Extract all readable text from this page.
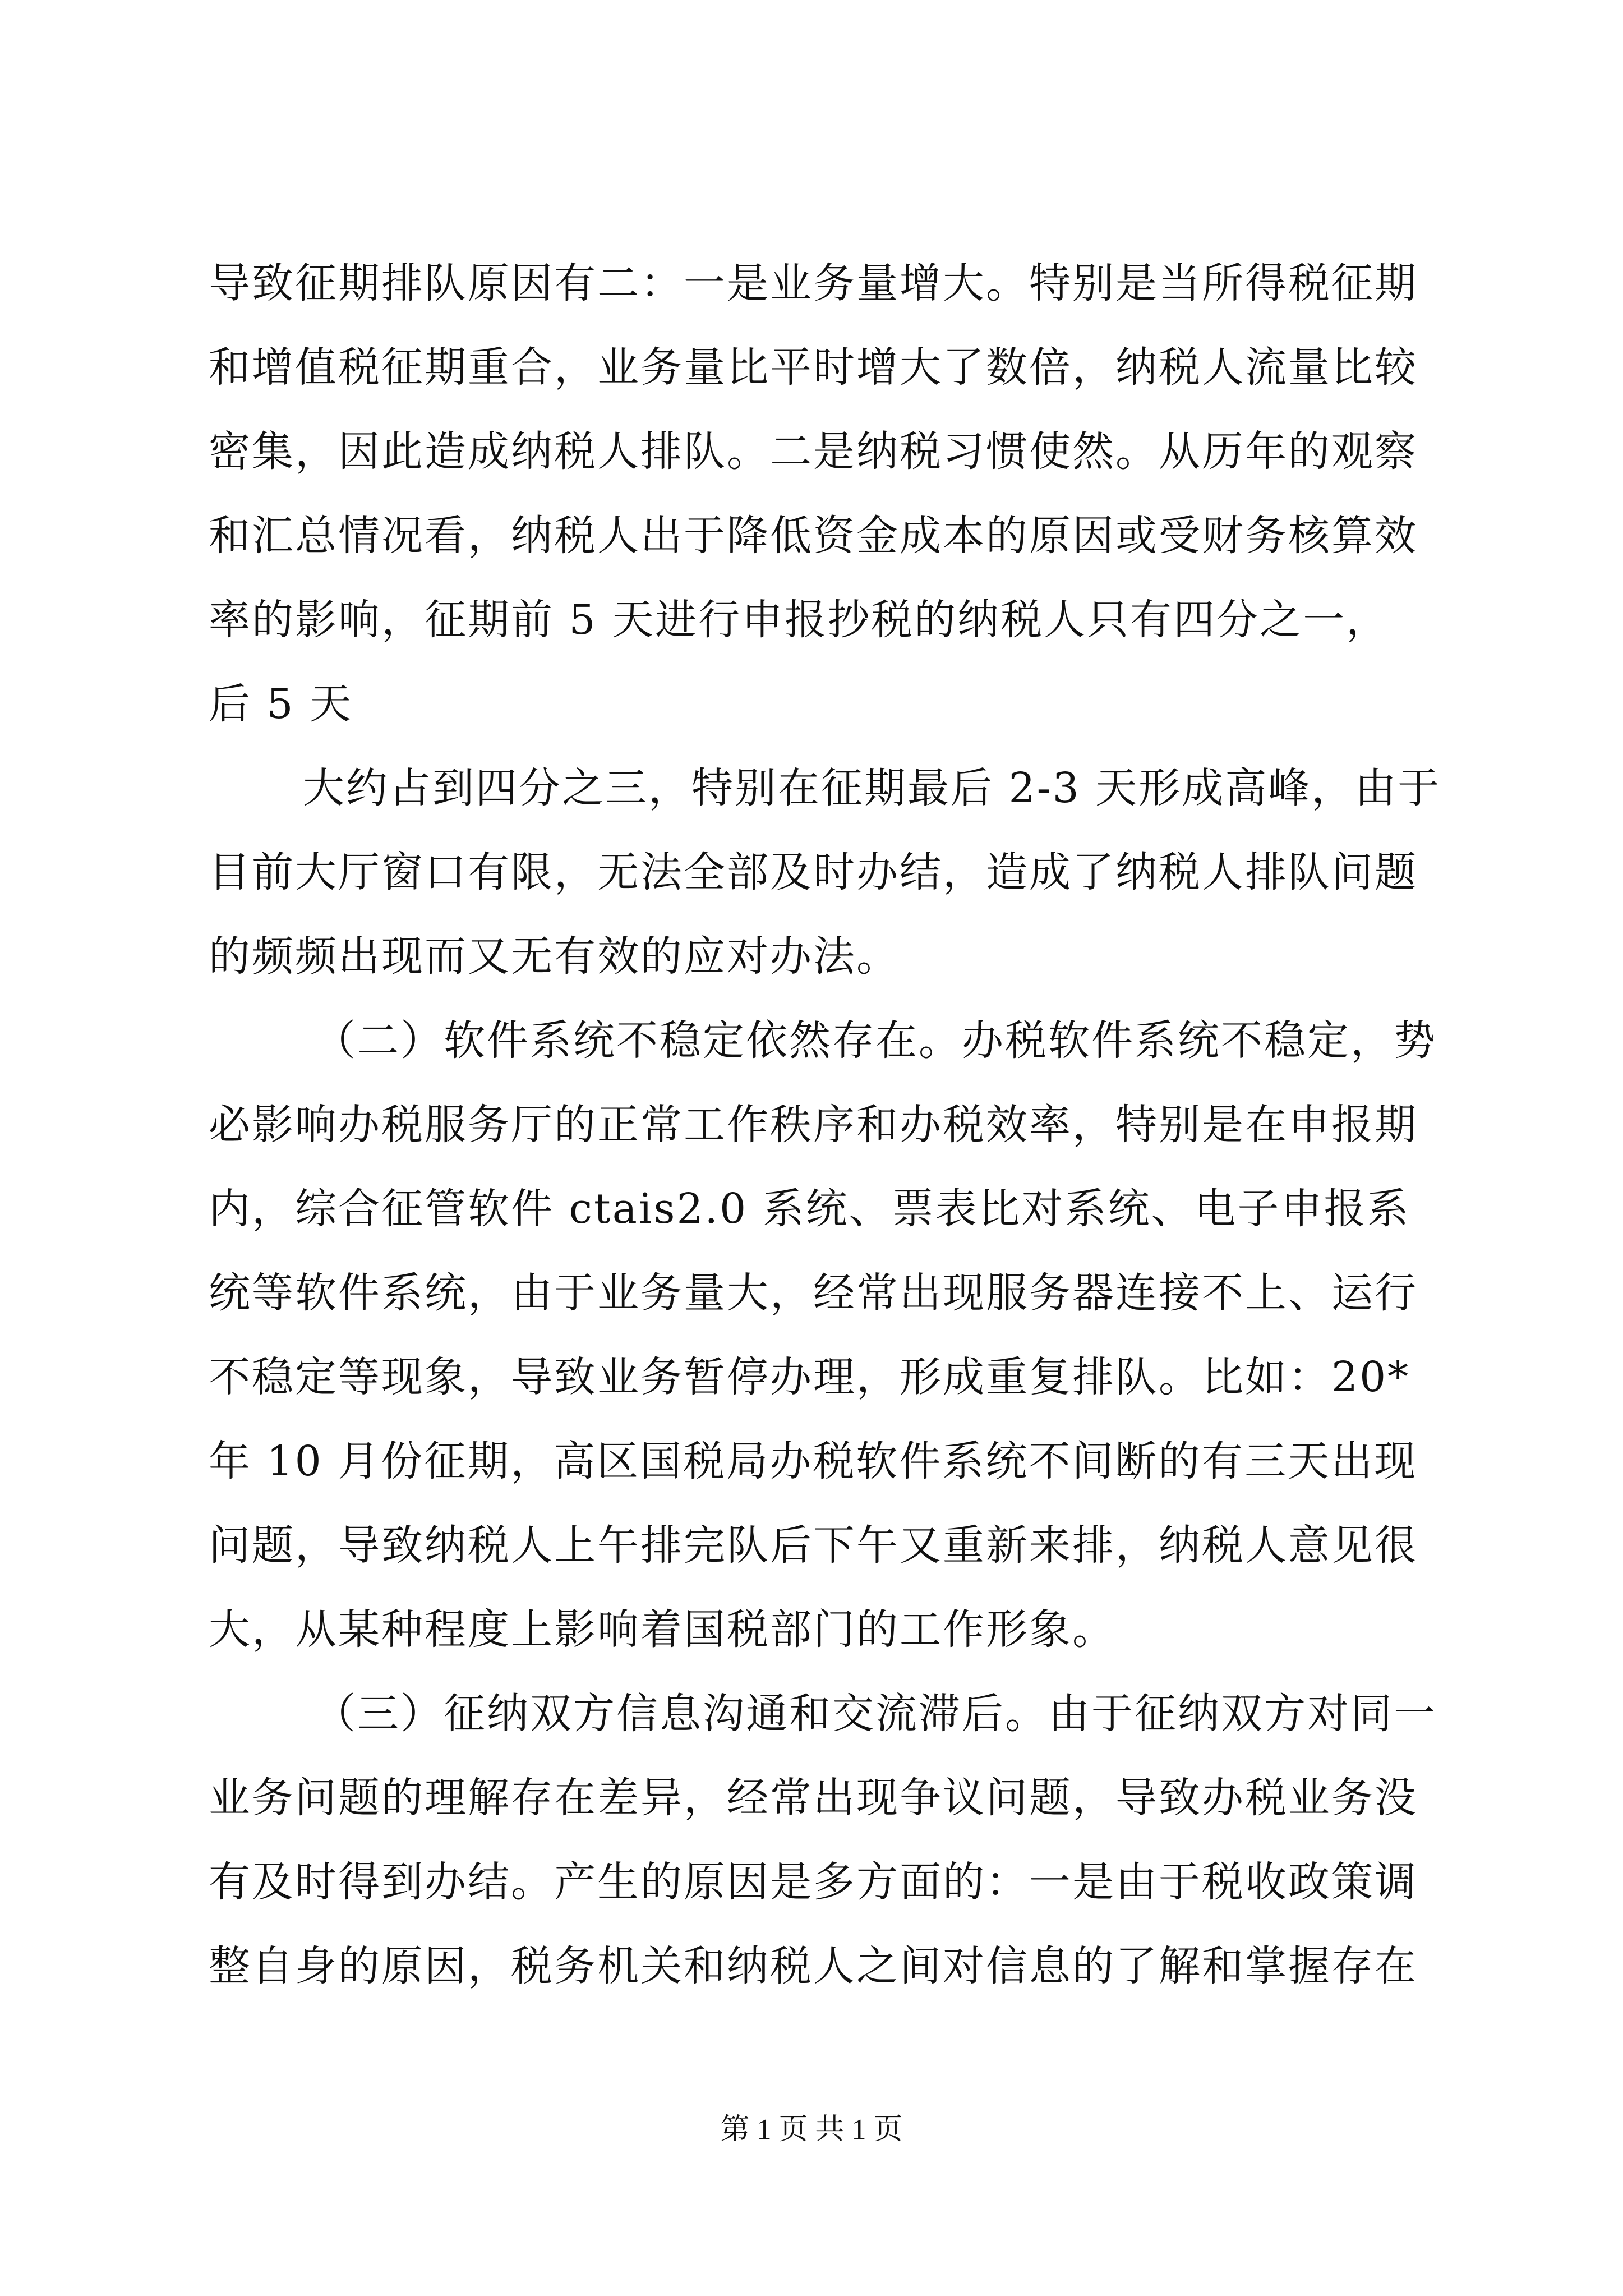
导致征期排队原因有二：一是业务量增大。特别是当所得税征期
和增值税征期重合，业务量比平时增大了数倍，纳税人流量比较
密集，因此造成纳税人排队。二是纳税习惯使然。从历年的观察
和汇总情况看，纳税人出于降低资金成本的原因或受财务核算效
率的影响，征期前 5 天进行申报抄税的纳税人只有四分之一，
后 5 天
大约占到四分之三，特别在征期最后 2-3 天形成高峰，由于
目前大厅窗口有限，无法全部及时办结，造成了纳税人排队问题
的频频出现而又无有效的应对办法。
（二）软件系统不稳定依然存在。办税软件系统不稳定，势
必影响办税服务厅的正常工作秩序和办税效率，特别是在申报期
内，综合征管软件 ctais2.0 系统、票表比对系统、电子申报系
统等软件系统，由于业务量大，经常出现服务器连接不上、运行
不稳定等现象，导致业务暂停办理，形成重复排队。比如：20*
年 10 月份征期，高区国税局办税软件系统不间断的有三天出现
问题，导致纳税人上午排完队后下午又重新来排，纳税人意见很
大，从某种程度上影响着国税部门的工作形象。
（三）征纳双方信息沟通和交流滞后。由于征纳双方对同一
业务问题的理解存在差异，经常出现争议问题，导致办税业务没
有及时得到办结。产生的原因是多方面的：一是由于税收政策调
整自身的原因，税务机关和纳税人之间对信息的了解和掌握存在
第 1 页 共 1 页
